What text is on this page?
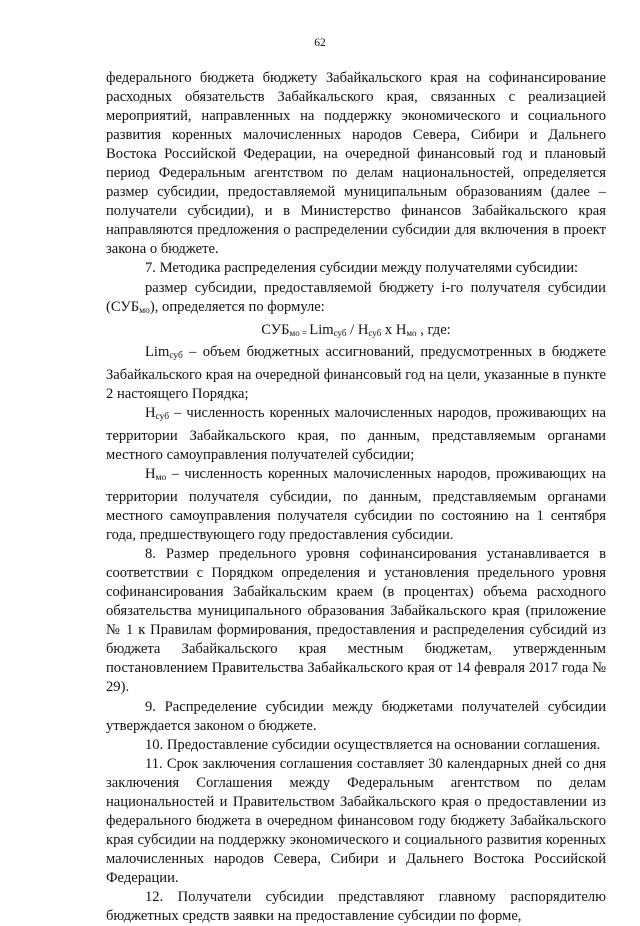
62

федерального бюджета бюджету Забайкальского края на софинансирование расходных обязательств Забайкальского края, связанных с реализацией мероприятий, направленных на поддержку экономического и социального развития коренных малочисленных народов Севера, Сибири и Дальнего Востока Российской Федерации, на очередной финансовый год и плановый период Федеральным агентством по делам национальностей, определяется размер субсидии, предоставляемой муниципальным образованиям (далее – получатели субсидии), и в Министерство финансов Забайкальского края направляются предложения о распределении субсидии для включения в проект закона о бюджете.

7. Методика распределения субсидии между получателями субсидии:

размер субсидии, предоставляемой бюджету i-го получателя субсидии $(СУБ_{мо})$, определяется по формуле:

$СУБ_{мо}$ $_=$ $Lim_{суб} / Н_{суб}$ х $Н_{мо}$ , где:

Lim$_{суб}$ – объем бюджетных ассигнований, предусмотренных в бюджете Забайкальского края на очередной финансовый год на цели, указанные в пункте 2 настоящего Порядка;

$Н_{суб}$ – численность коренных малочисленных народов, проживающих на территории Забайкальского края, по данным, представляемым органами местного самоуправления получателей субсидии;

$Н_{мо}$ – численность коренных малочисленных народов, проживающих на территории получателя субсидии, по данным, представляемым органами местного самоуправления получателя субсидии по состоянию на 1 сентября года, предшествующего году предоставления субсидии.

8. Размер предельного уровня софинансирования устанавливается в соответствии с Порядком определения и установления предельного уровня софинансирования Забайкальским краем (в процентах) объема расходного обязательства муниципального образования Забайкальского края (приложение № 1 к Правилам формирования, предоставления и распределения субсидий из бюджета Забайкальского края местным бюджетам, утвержденным постановлением Правительства Забайкальского края от 14 февраля 2017 года № 29).

9. Распределение субсидии между бюджетами получателей субсидии утверждается законом о бюджете.

10. Предоставление субсидии осуществляется на основании соглашения.

11. Срок заключения соглашения составляет 30 календарных дней со дня заключения Соглашения между Федеральным агентством по делам национальностей и Правительством Забайкальского края о предоставлении из федерального бюджета в очередном финансовом году бюджету Забайкальского края субсидии на поддержку экономического и социального развития коренных малочисленных народов Севера, Сибири и Дальнего Востока Российской Федерации.

12. Получатели субсидии представляют главному распорядителю бюджетных средств заявки на предоставление субсидии по форме,
